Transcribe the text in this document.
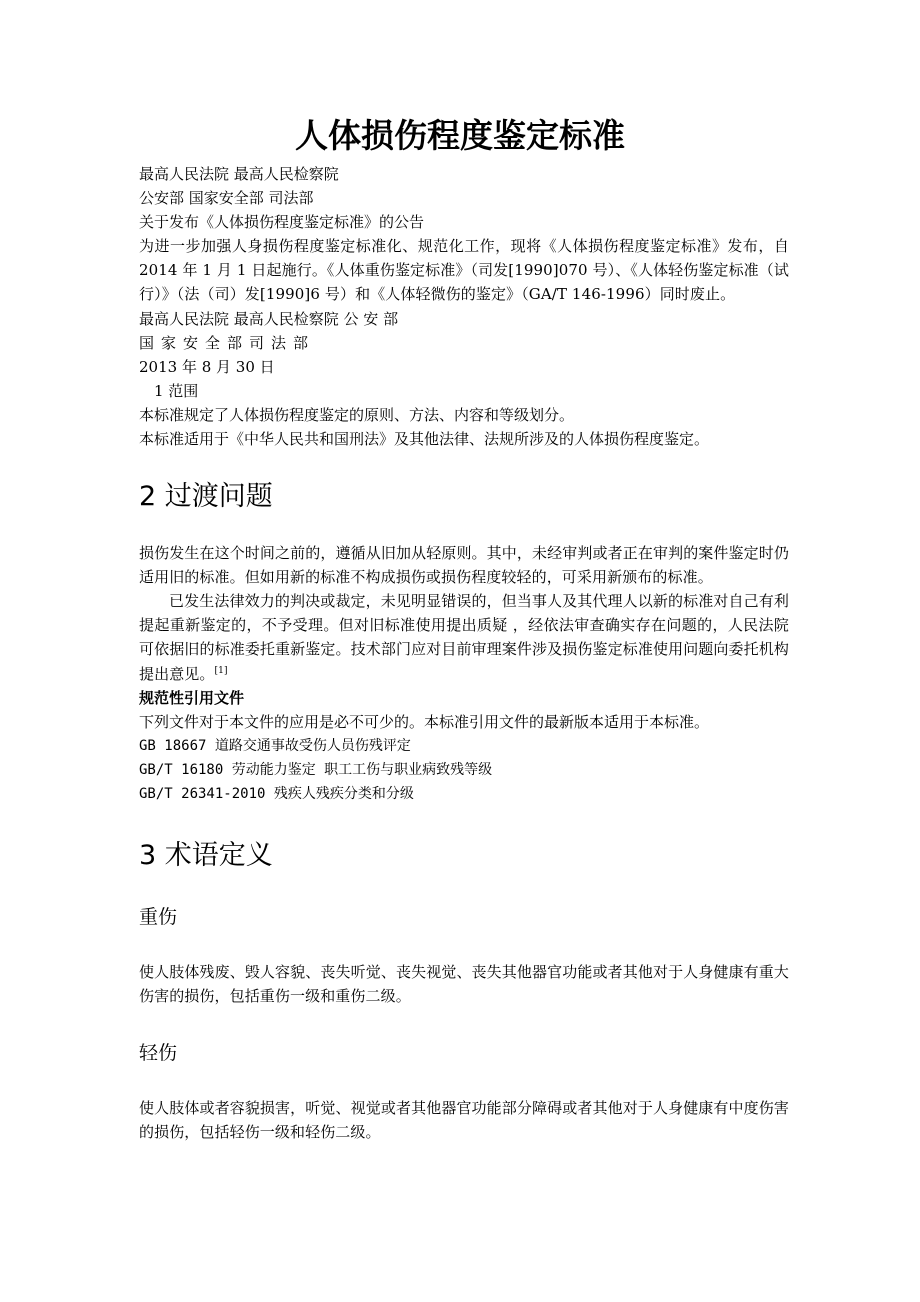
人体损伤程度鉴定标准

最高人民法院 最高人民检察院

公安部 国家安全部 司法部

关于发布《人体损伤程度鉴定标准》的公告

为进一步加强人身损伤程度鉴定标准化、规范化工作，现将《人体损伤程度鉴定标准》发布，自 2014 年 1 月 1 日起施行。《人体重伤鉴定标准》（司发[1990]070 号）、《人体轻伤鉴定标准（试行）》（法（司）发[1990]6 号）和《人体轻微伤的鉴定》（GA/T 146-1996）同时废止。

最高人民法院 最高人民检察院 公 安 部

国家安全部司法部

2013 年 8 月 30 日

1 范围

本标准规定了人体损伤程度鉴定的原则、方法、内容和等级划分。

本标准适用于《中华人民共和国刑法》及其他法律、法规所涉及的人体损伤程度鉴定。

2 过渡问题

损伤发生在这个时间之前的，遵循从旧加从轻原则。其中，未经审判或者正在审判的案件鉴定时仍适用旧的标准。但如用新的标准不构成损伤或损伤程度较轻的，可采用新颁布的标准。

已发生法律效力的判决或裁定，未见明显错误的，但当事人及其代理人以新的标准对自己有利提起重新鉴定的，不予受理。但对旧标准使用提出质疑 ，经依法审查确实存在问题的，人民法院可依据旧的标准委托重新鉴定。技术部门应对目前审理案件涉及损伤鉴定标准使用问题向委托机构提出意见。[1]

规范性引用文件

下列文件对于本文件的应用是必不可少的。本标准引用文件的最新版本适用于本标准。

GB 18667 道路交通事故受伤人员伤残评定

GB/T 16180 劳动能力鉴定 职工工伤与职业病致残等级

GB/T 26341-2010 残疾人残疾分类和分级

3 术语定义
重伤

使人肢体残废、毁人容貌、丧失听觉、丧失视觉、丧失其他器官功能或者其他对于人身健康有重大伤害的损伤，包括重伤一级和重伤二级。

轻伤

使人肢体或者容貌损害，听觉、视觉或者其他器官功能部分障碍或者其他对于人身健康有中度伤害的损伤，包括轻伤一级和轻伤二级。
